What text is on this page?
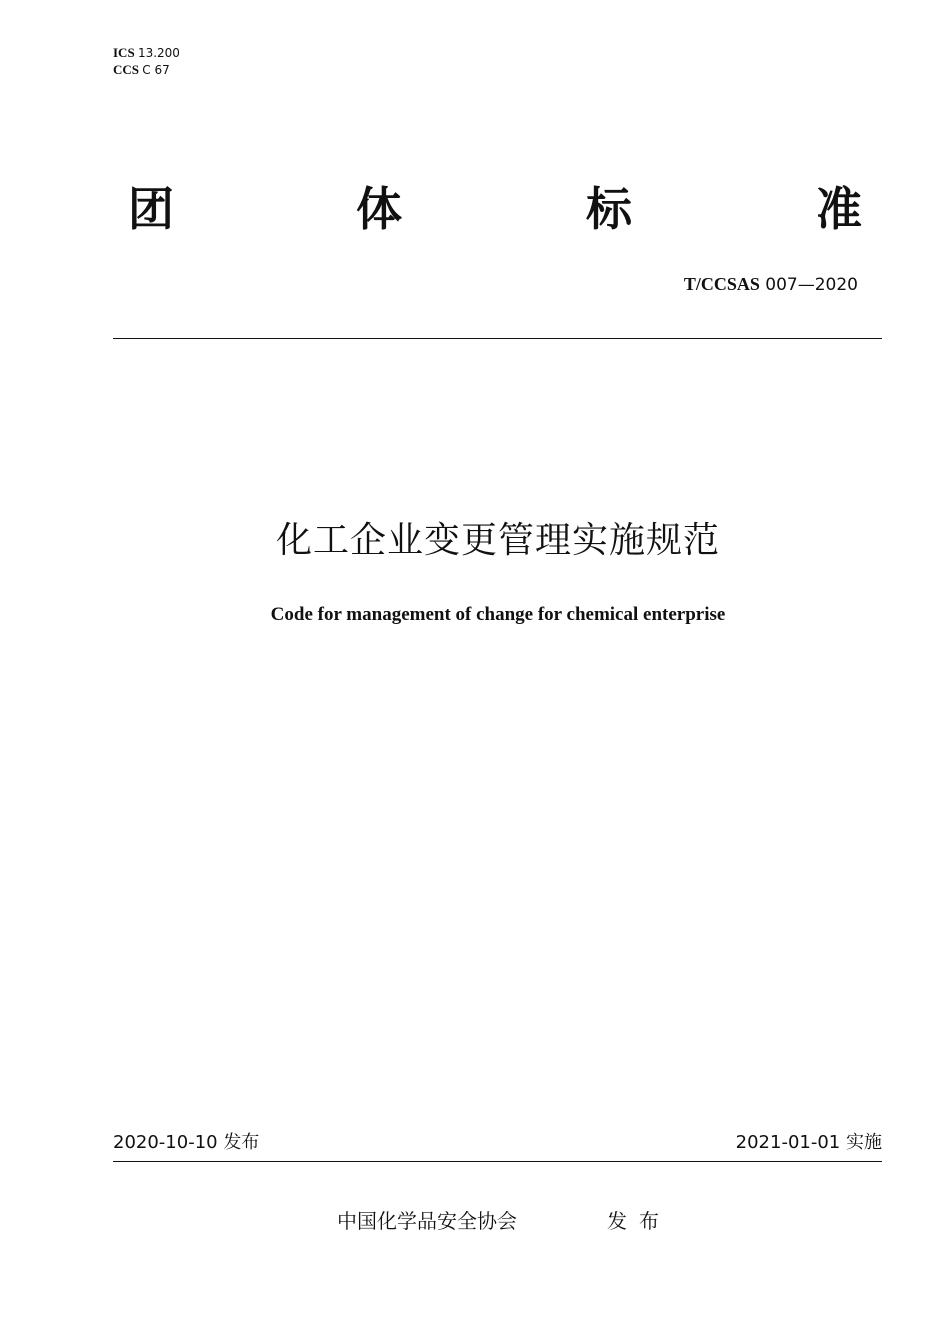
ICS 13.200
CCS C 67
团	体	标	准
T/CCSAS 007—2020
化工企业变更管理实施规范
Code for management of change for chemical enterprise
2020-10-10 发布	2021-01-01 实施
中国化学品安全协会	发布
